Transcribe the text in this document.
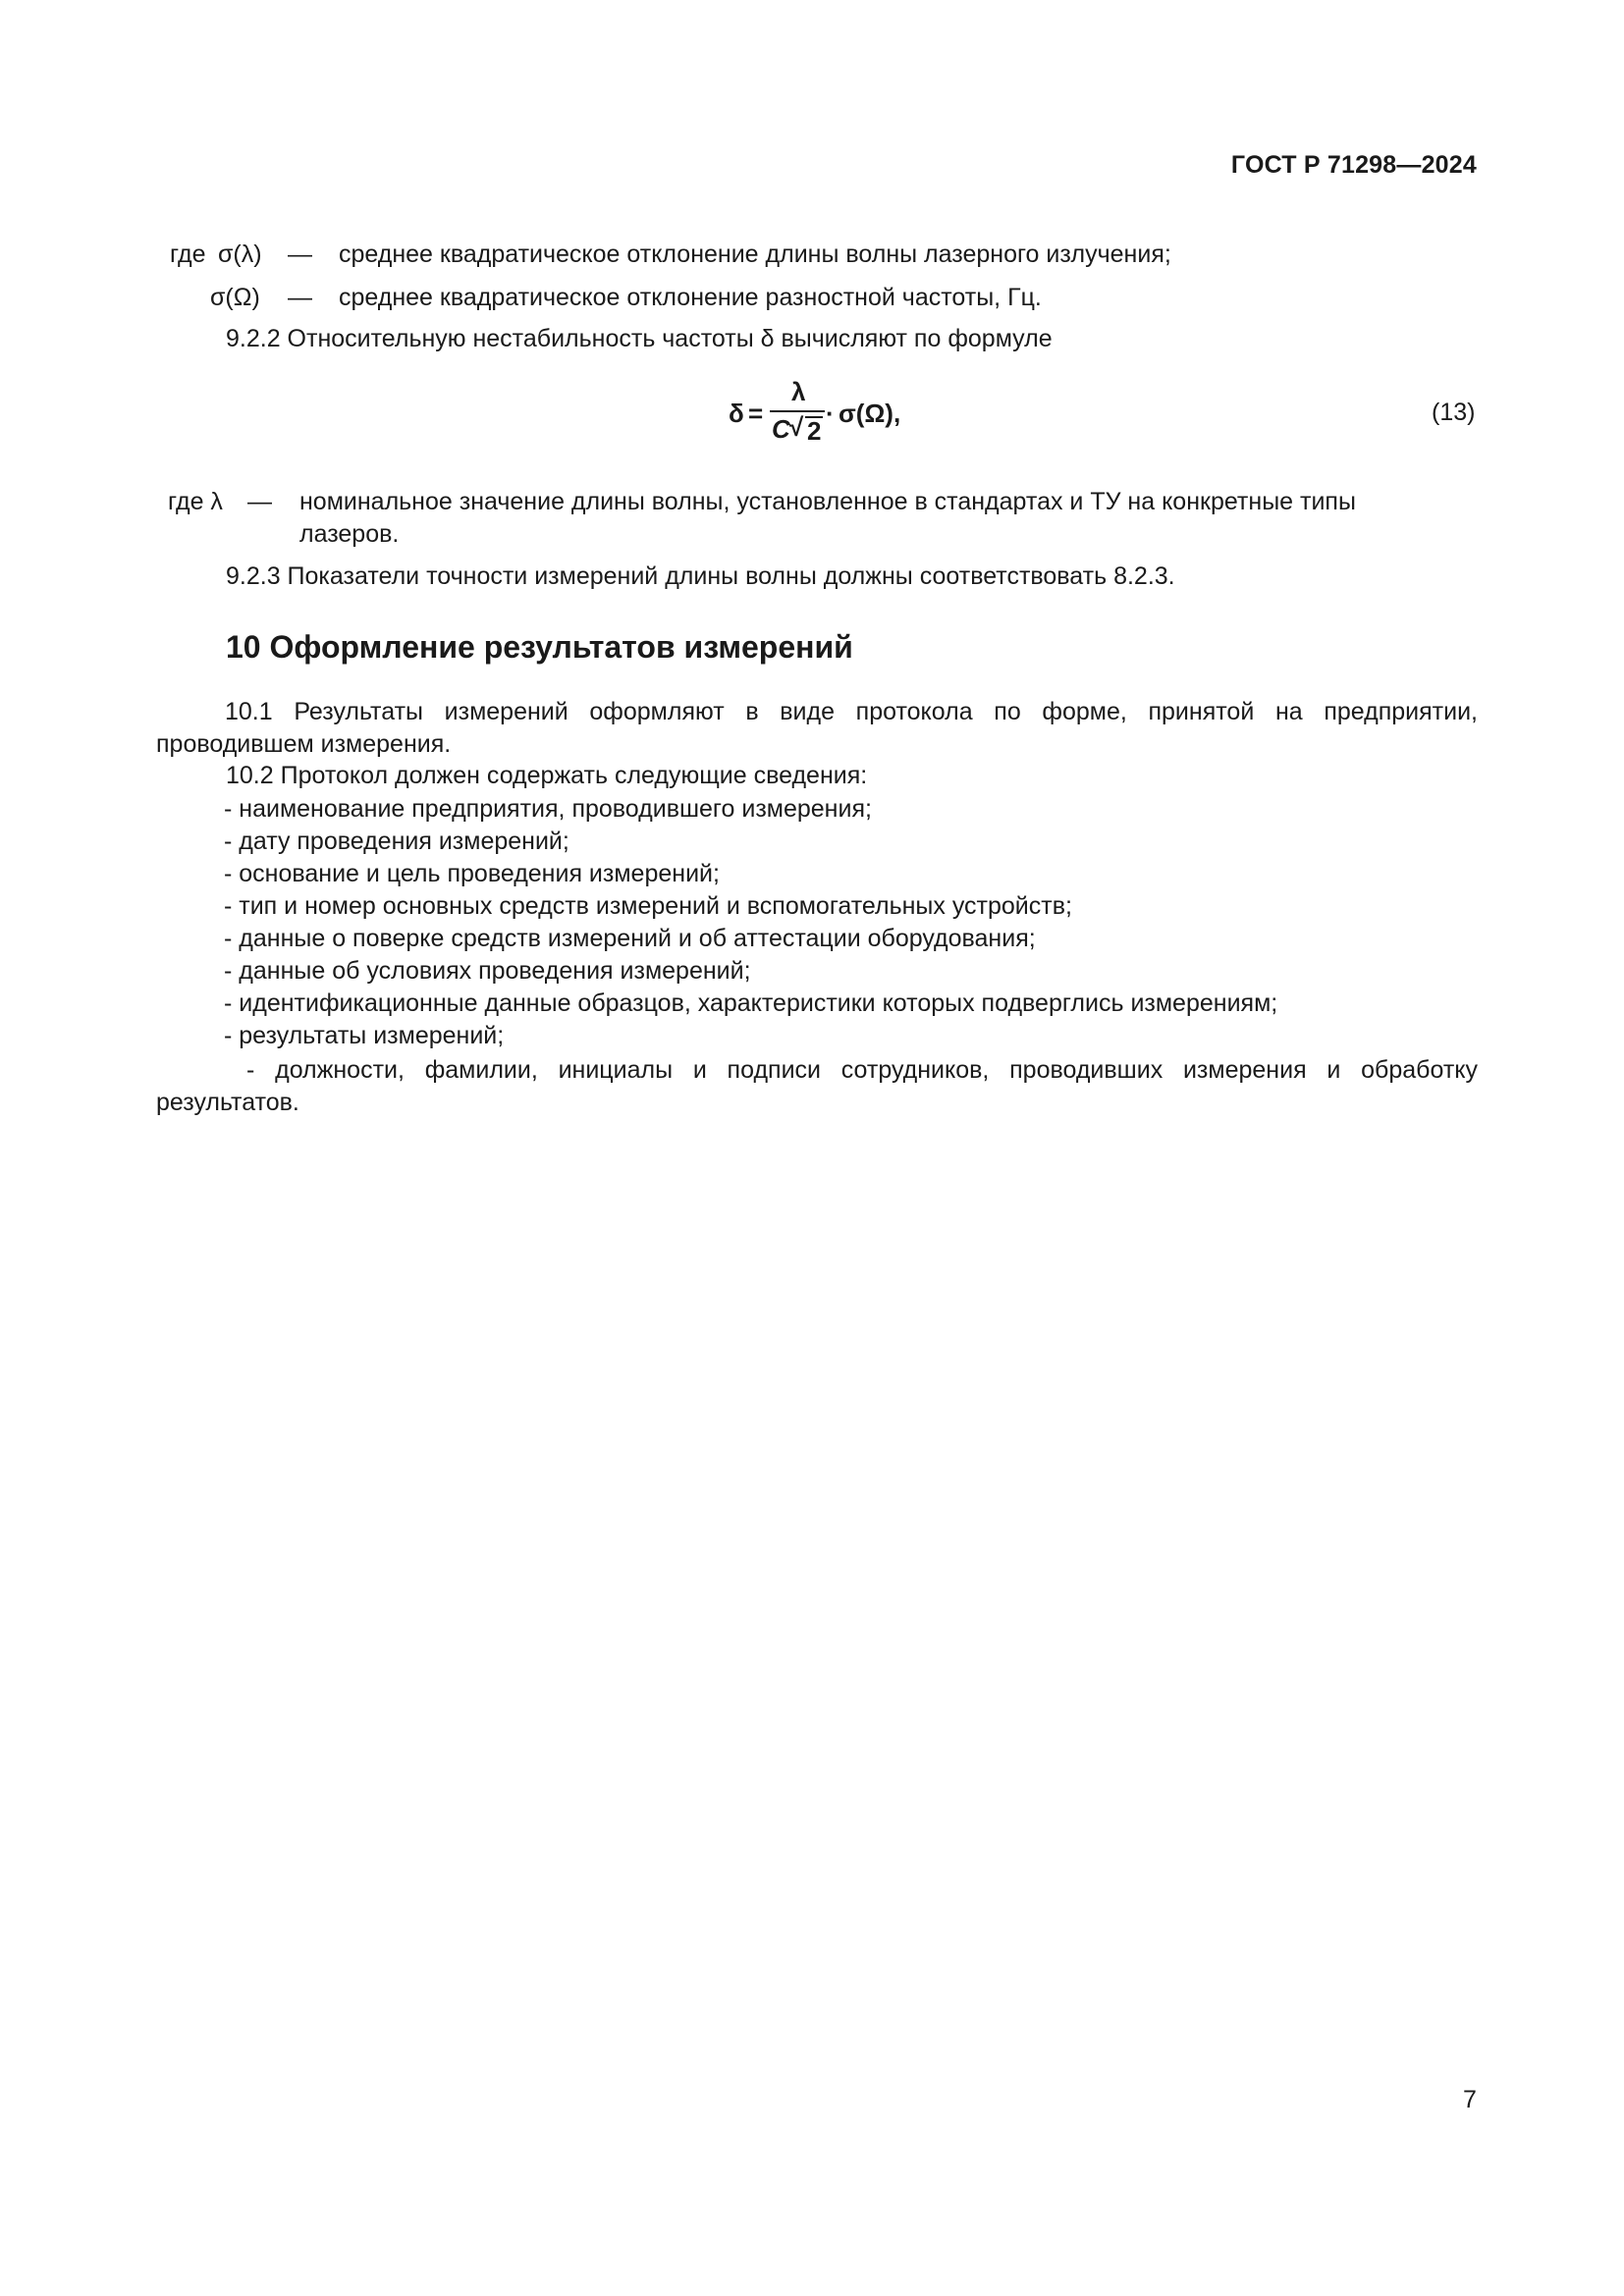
ГОСТ Р 71298—2024
где σ(λ) — среднее квадратическое отклонение длины волны лазерного излучения;
σ(Ω) — среднее квадратическое отклонение разностной частоты, Гц.
9.2.2 Относительную нестабильность частоты δ вычисляют по формуле
δ =
λ
C √ 2
· σ(Ω),	(13)
где λ — номинальное значение длины волны, установленное в стандартах и ТУ на конкретные типы
лазеров.
9.2.3 Показатели точности измерений длины волны должны соответствовать 8.2.3.
10 Оформление результатов измерений
10.1 Результаты измерений оформляют в виде протокола по форме, принятой на предприятии, проводившем измерения.
10.2 Протокол должен содержать следующие сведения:
- наименование предприятия, проводившего измерения;
- дату проведения измерений;
- основание и цель проведения измерений;
- тип и номер основных средств измерений и вспомогательных устройств;
- данные о поверке средств измерений и об аттестации оборудования;
- данные об условиях проведения измерений;
- идентификационные данные образцов, характеристики которых подверглись измерениям;
- результаты измерений;
- должности, фамилии, инициалы и подписи сотрудников, проводивших измерения и обработку результатов.
7
